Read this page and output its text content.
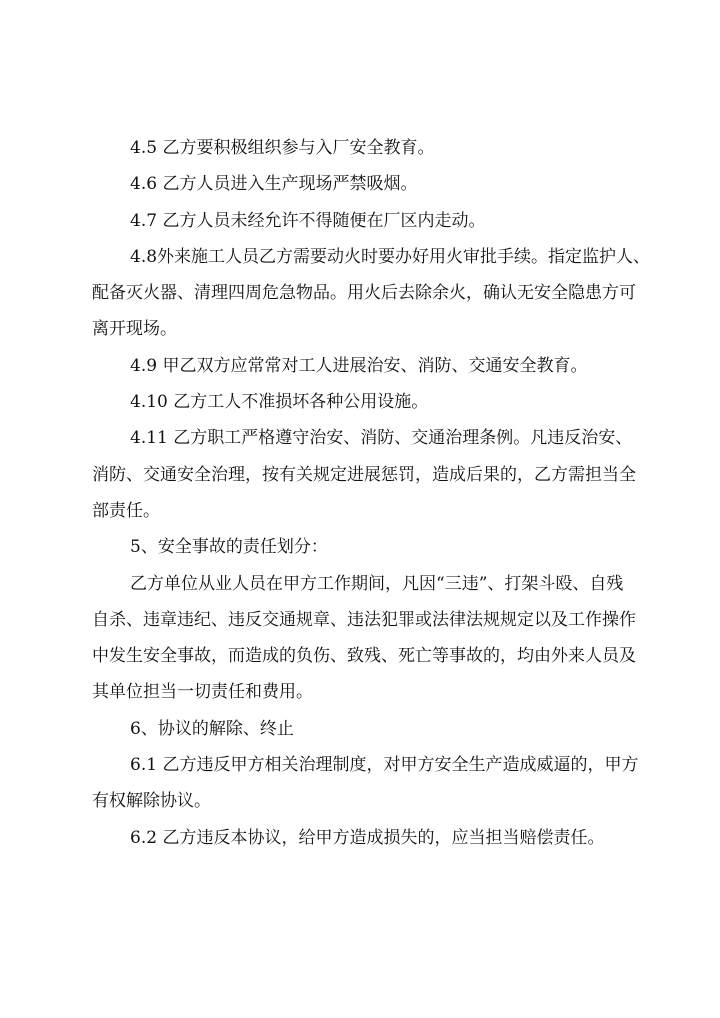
4.5 乙方要积极组织参与入厂安全教育。
4.6 乙方人员进入生产现场严禁吸烟。
4.7 乙方人员未经允许不得随便在厂区内走动。
4.8外来施工人员乙方需要动火时要办好用火审批手续。指定监护人、
配备灭火器、清理四周危急物品。用火后去除余火，确认无安全隐患方可
离开现场。
4.9 甲乙双方应常常对工人进展治安、消防、交通安全教育。
4.10 乙方工人不准损坏各种公用设施。
4.11 乙方职工严格遵守治安、消防、交通治理条例。凡违反治安、
消防、交通安全治理，按有关规定进展惩罚，造成后果的，乙方需担当全
部责任。
5、安全事故的责任划分：
乙方单位从业人员在甲方工作期间，凡因“三违”、打架斗殴、自残
自杀、违章违纪、违反交通规章、违法犯罪或法律法规规定以及工作操作
中发生安全事故，而造成的负伤、致残、死亡等事故的，均由外来人员及
其单位担当一切责任和费用。
6、协议的解除、终止
6.1 乙方违反甲方相关治理制度，对甲方安全生产造成威逼的，甲方
有权解除协议。
6.2 乙方违反本协议，给甲方造成损失的，应当担当赔偿责任。
